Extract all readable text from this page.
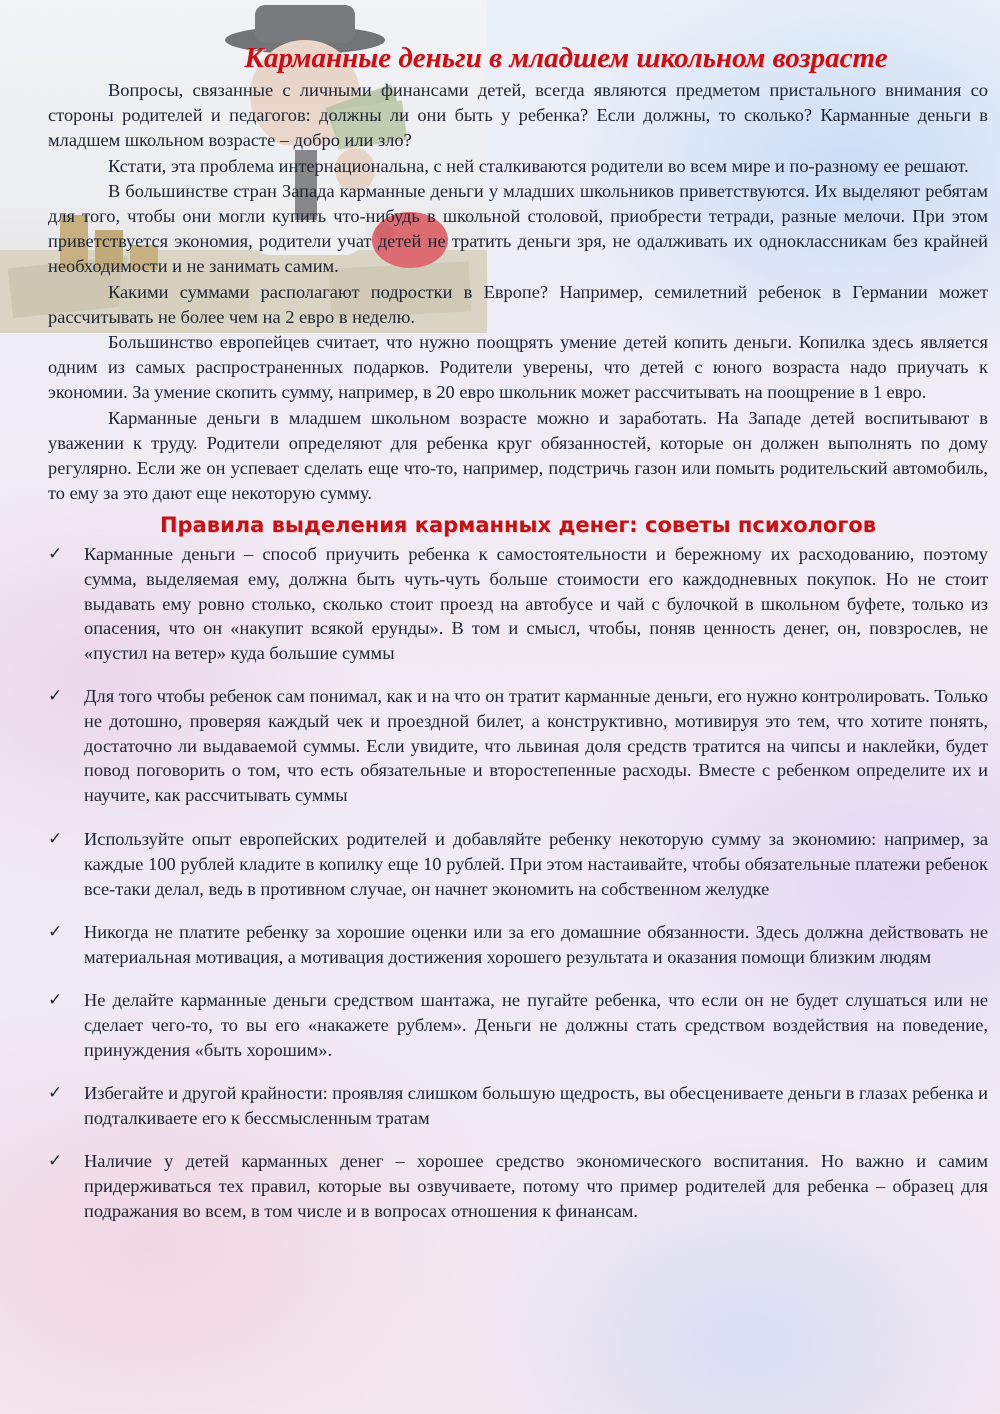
Карманные деньги в младшем школьном возрасте

Вопросы, связанные с личными финансами детей, всегда являются предметом пристального внимания со стороны родителей и педагогов: должны ли они быть у ребенка? Если должны, то сколько? Карманные деньги в младшем школьном возрасте – добро или зло?

Кстати, эта проблема интернациональна, с ней сталкиваются родители во всем мире и по-разному ее решают.

В большинстве стран Запада карманные деньги у младших школьников приветствуются. Их выделяют ребятам для того, чтобы они могли купить что-нибудь в школьной столовой, приобрести тетради, разные мелочи. При этом приветствуется экономия, родители учат детей не тратить деньги зря, не одалживать их одноклассникам без крайней необходимости и не занимать самим.

Какими суммами располагают подростки в Европе? Например, семилетний ребенок в Германии может рассчитывать не более чем на 2 евро в неделю.

Большинство европейцев считает, что нужно поощрять умение детей копить деньги. Копилка здесь является одним из самых распространенных подарков. Родители уверены, что детей с юного возраста надо приучать к экономии. За умение скопить сумму, например, в 20 евро школьник может рассчитывать на поощрение в 1 евро.

Карманные деньги в младшем школьном возрасте можно и заработать. На Западе детей воспитывают в уважении к труду. Родители определяют для ребенка круг обязанностей, которые он должен выполнять по дому регулярно. Если же он успевает сделать еще что-то, например, подстричь газон или помыть родительский автомобиль, то ему за это дают еще некоторую сумму.

Правила выделения карманных денег: советы психологов
✓ Карманные деньги – способ приучить ребенка к самостоятельности и бережному их расходованию, поэтому сумма, выделяемая ему, должна быть чуть-чуть больше стоимости его каждодневных покупок. Но не стоит выдавать ему ровно столько, сколько стоит проезд на автобусе и чай с булочкой в школьном буфете, только из опасения, что он «накупит всякой ерунды». В том и смысл, чтобы, поняв ценность денег, он, повзрослев, не «пустил на ветер» куда большие суммы
✓ Для того чтобы ребенок сам понимал, как и на что он тратит карманные деньги, его нужно контролировать. Только не дотошно, проверяя каждый чек и проездной билет, а конструктивно, мотивируя это тем, что хотите понять, достаточно ли выдаваемой суммы. Если увидите, что львиная доля средств тратится на чипсы и наклейки, будет повод поговорить о том, что есть обязательные и второстепенные расходы. Вместе с ребенком определите их и научите, как рассчитывать суммы
✓ Используйте опыт европейских родителей и добавляйте ребенку некоторую сумму за экономию: например, за каждые 100 рублей кладите в копилку еще 10 рублей. При этом настаивайте, чтобы обязательные платежи ребенок все-таки делал, ведь в противном случае, он начнет экономить на собственном желудке
✓ Никогда не платите ребенку за хорошие оценки или за его домашние обязанности. Здесь должна действовать не материальная мотивация, а мотивация достижения хорошего результата и оказания помощи близким людям
✓ Не делайте карманные деньги средством шантажа, не пугайте ребенка, что если он не будет слушаться или не сделает чего-то, то вы его «накажете рублем». Деньги не должны стать средством воздействия на поведение, принуждения «быть хорошим».
✓ Избегайте и другой крайности: проявляя слишком большую щедрость, вы обесцениваете деньги в глазах ребенка и подталкиваете его к бессмысленным тратам
✓ Наличие у детей карманных денег – хорошее средство экономического воспитания. Но важно и самим придерживаться тех правил, которые вы озвучиваете, потому что пример родителей для ребенка – образец для подражания во всем, в том числе и в вопросах отношения к финансам.
